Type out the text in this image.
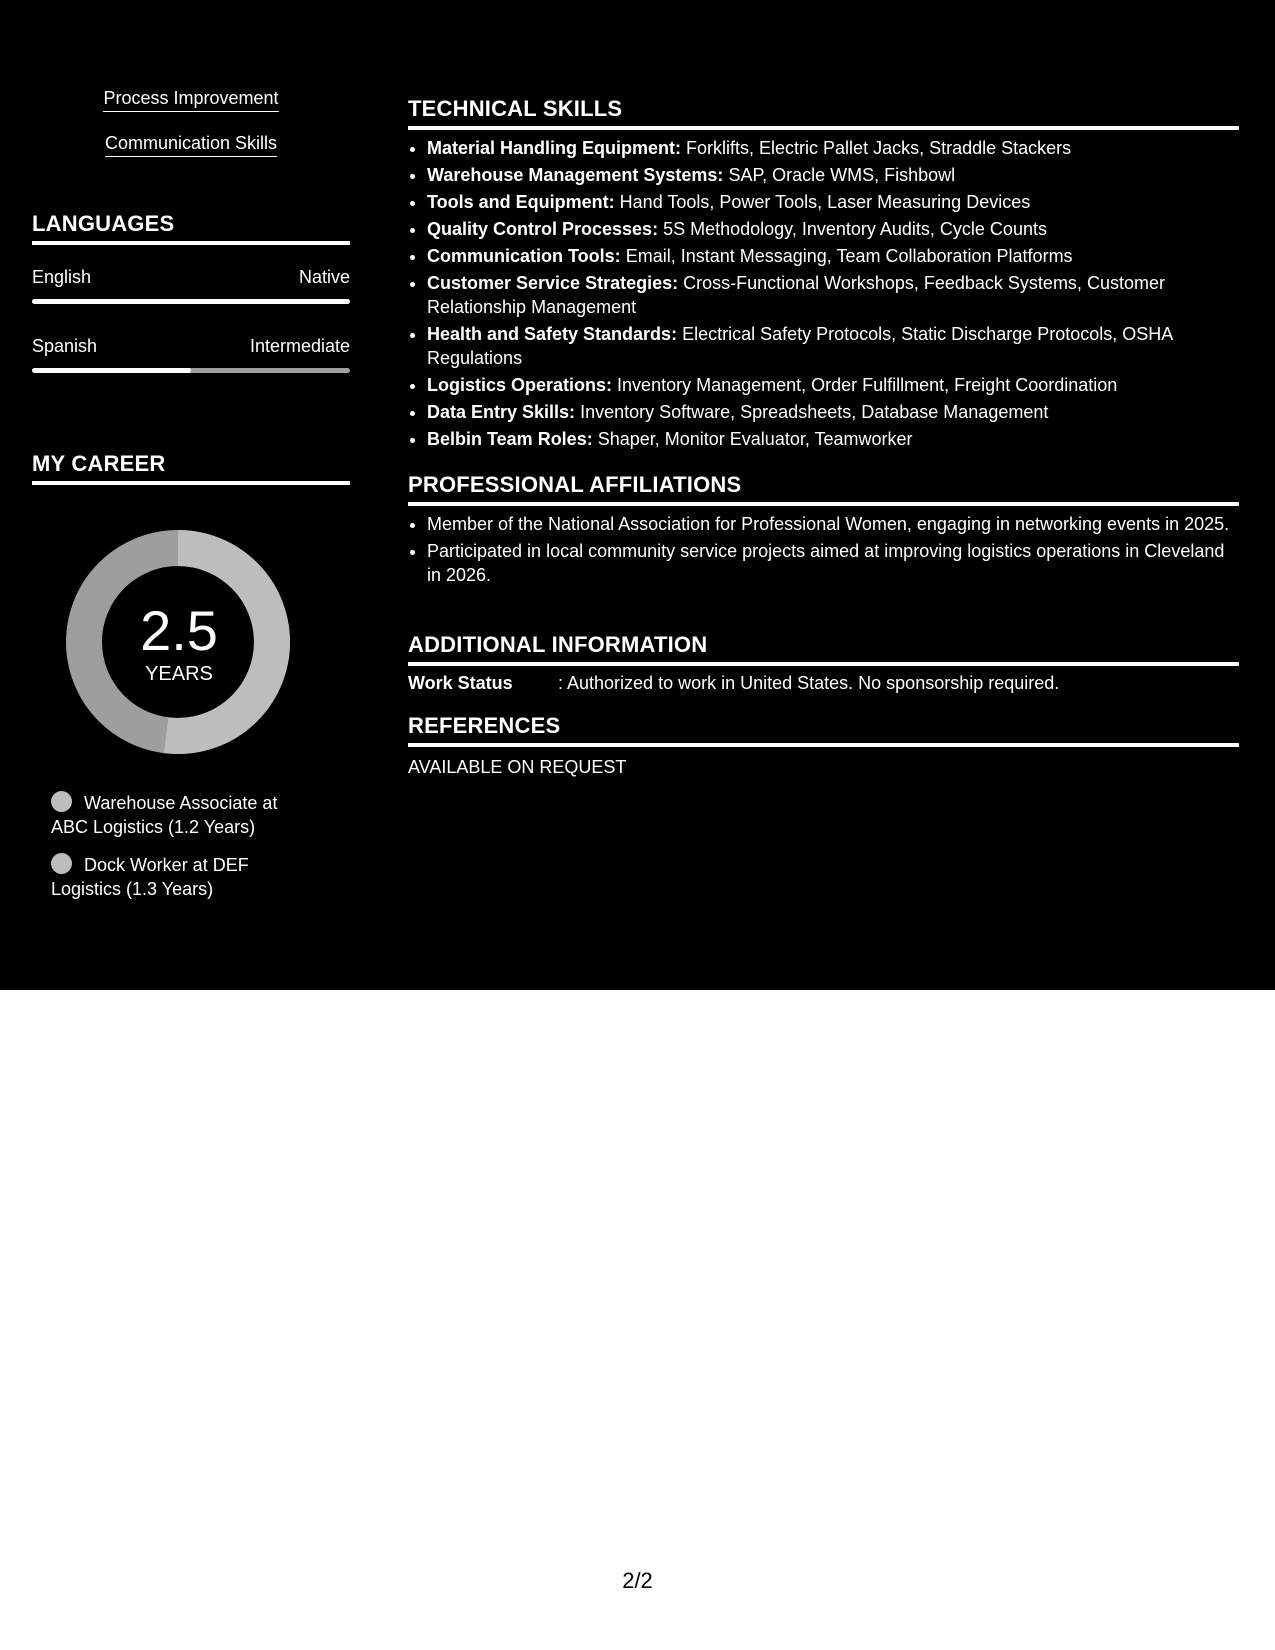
Process Improvement
Communication Skills
LANGUAGES
English	Native
Spanish	Intermediate
MY CAREER
2.5
YEARS
Warehouse Associate at ABC Logistics (1.2 Years)
Dock Worker at DEF Logistics (1.3 Years)
TECHNICAL SKILLS
• Material Handling Equipment: Forklifts, Electric Pallet Jacks, Straddle Stackers
• Warehouse Management Systems: SAP, Oracle WMS, Fishbowl
• Tools and Equipment: Hand Tools, Power Tools, Laser Measuring Devices
• Quality Control Processes: 5S Methodology, Inventory Audits, Cycle Counts
• Communication Tools: Email, Instant Messaging, Team Collaboration Platforms
• Customer Service Strategies: Cross-Functional Workshops, Feedback Systems, Customer Relationship Management
• Health and Safety Standards: Electrical Safety Protocols, Static Discharge Protocols, OSHA Regulations
• Logistics Operations: Inventory Management, Order Fulfillment, Freight Coordination
• Data Entry Skills: Inventory Software, Spreadsheets, Database Management
• Belbin Team Roles: Shaper, Monitor Evaluator, Teamworker
PROFESSIONAL AFFILIATIONS
• Member of the National Association for Professional Women, engaging in networking events in 2025.
• Participated in local community service projects aimed at improving logistics operations in Cleveland in 2026.
ADDITIONAL INFORMATION
Work Status	: Authorized to work in United States. No sponsorship required.
REFERENCES
AVAILABLE ON REQUEST
2/2
